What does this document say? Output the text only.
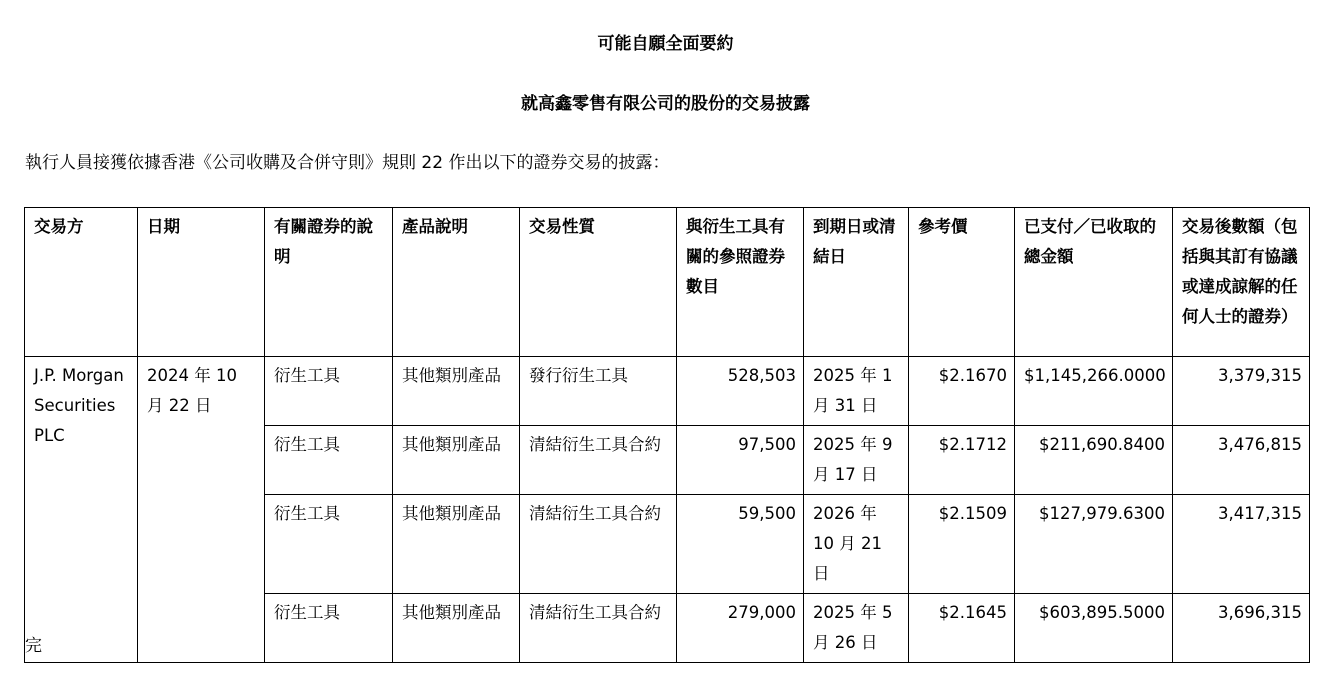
可能自願全面要約
就高鑫零售有限公司的股份的交易披露
執行人員接獲依據香港《公司收購及合併守則》規則 22 作出以下的證券交易的披露：
交易方	日期	有關證券的說明	產品說明	交易性質	與衍生工具有關的參照證券數目	到期日或清結日	參考價	已支付／已收取的總金額	交易後數額（包括與其訂有協議或達成諒解的任何人士的證券）
J.P. Morgan Securities PLC	2024 年 10 月 22 日	衍生工具	其他類別產品	發行衍生工具	528,503	2025 年 1 月 31 日	$2.1670	$1,145,266.0000	3,379,315
		衍生工具	其他類別產品	清結衍生工具合約	97,500	2025 年 9 月 17 日	$2.1712	$211,690.8400	3,476,815
		衍生工具	其他類別產品	清結衍生工具合約	59,500	2026 年 10 月 21 日	$2.1509	$127,979.6300	3,417,315
		衍生工具	其他類別產品	清結衍生工具合約	279,000	2025 年 5 月 26 日	$2.1645	$603,895.5000	3,696,315
完
